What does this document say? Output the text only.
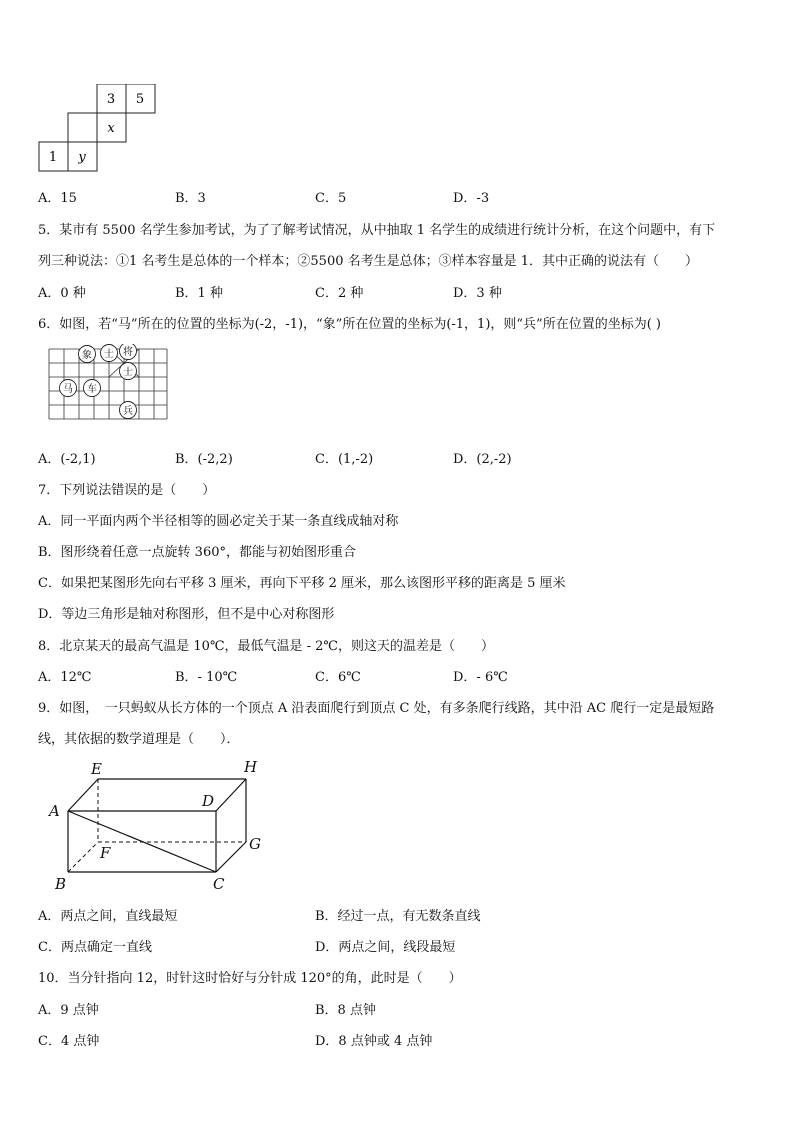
3 5
x
1 y
A．15	B．3	C．5	D．-3
5．某市有 5500 名学生参加考试，为了了解考试情况，从中抽取 1 名学生的成绩进行统计分析，在这个问题中，有下
列三种说法：①1 名考生是总体的一个样本；②5500 名考生是总体；③样本容量是 1．其中正确的说法有（　　）
A．0 种	B．1 种	C．2 种	D．3 种
6．如图，若“马”所在的位置的坐标为(-2，-1)，“象”所在位置的坐标为(-1，1)，则“兵”所在位置的坐标为( )
象 士 将
士
马 车
兵
A．(-2,1)	B．(-2,2)	C．(1,-2)	D．(2,-2)
7．下列说法错误的是（　　）
A．同一平面内两个半径相等的圆必定关于某一条直线成轴对称
B．图形绕着任意一点旋转 360°，都能与初始图形重合
C．如果把某图形先向右平移 3 厘米，再向下平移 2 厘米，那么该图形平移的距离是 5 厘米
D．等边三角形是轴对称图形，但不是中心对称图形
8．北京某天的最高气温是 10℃，最低气温是 - 2℃，则这天的温差是（　　）
A．12℃	B．- 10℃	C．6℃	D．- 6℃
9．如图，　一只蚂蚁从长方体的一个顶点 A 沿表面爬行到顶点 C 处，有多条爬行线路，其中沿 AC 爬行一定是最短路
线，其依据的数学道理是（　　）．
A
E	H
D
G
F
B	C
A．两点之间，直线最短	B．经过一点，有无数条直线
C．两点确定一直线	D．两点之间，线段最短
10．当分针指向 12，时针这时恰好与分针成 120°的角，此时是（　　）
A．9 点钟	B．8 点钟
C．4 点钟	D．8 点钟或 4 点钟
